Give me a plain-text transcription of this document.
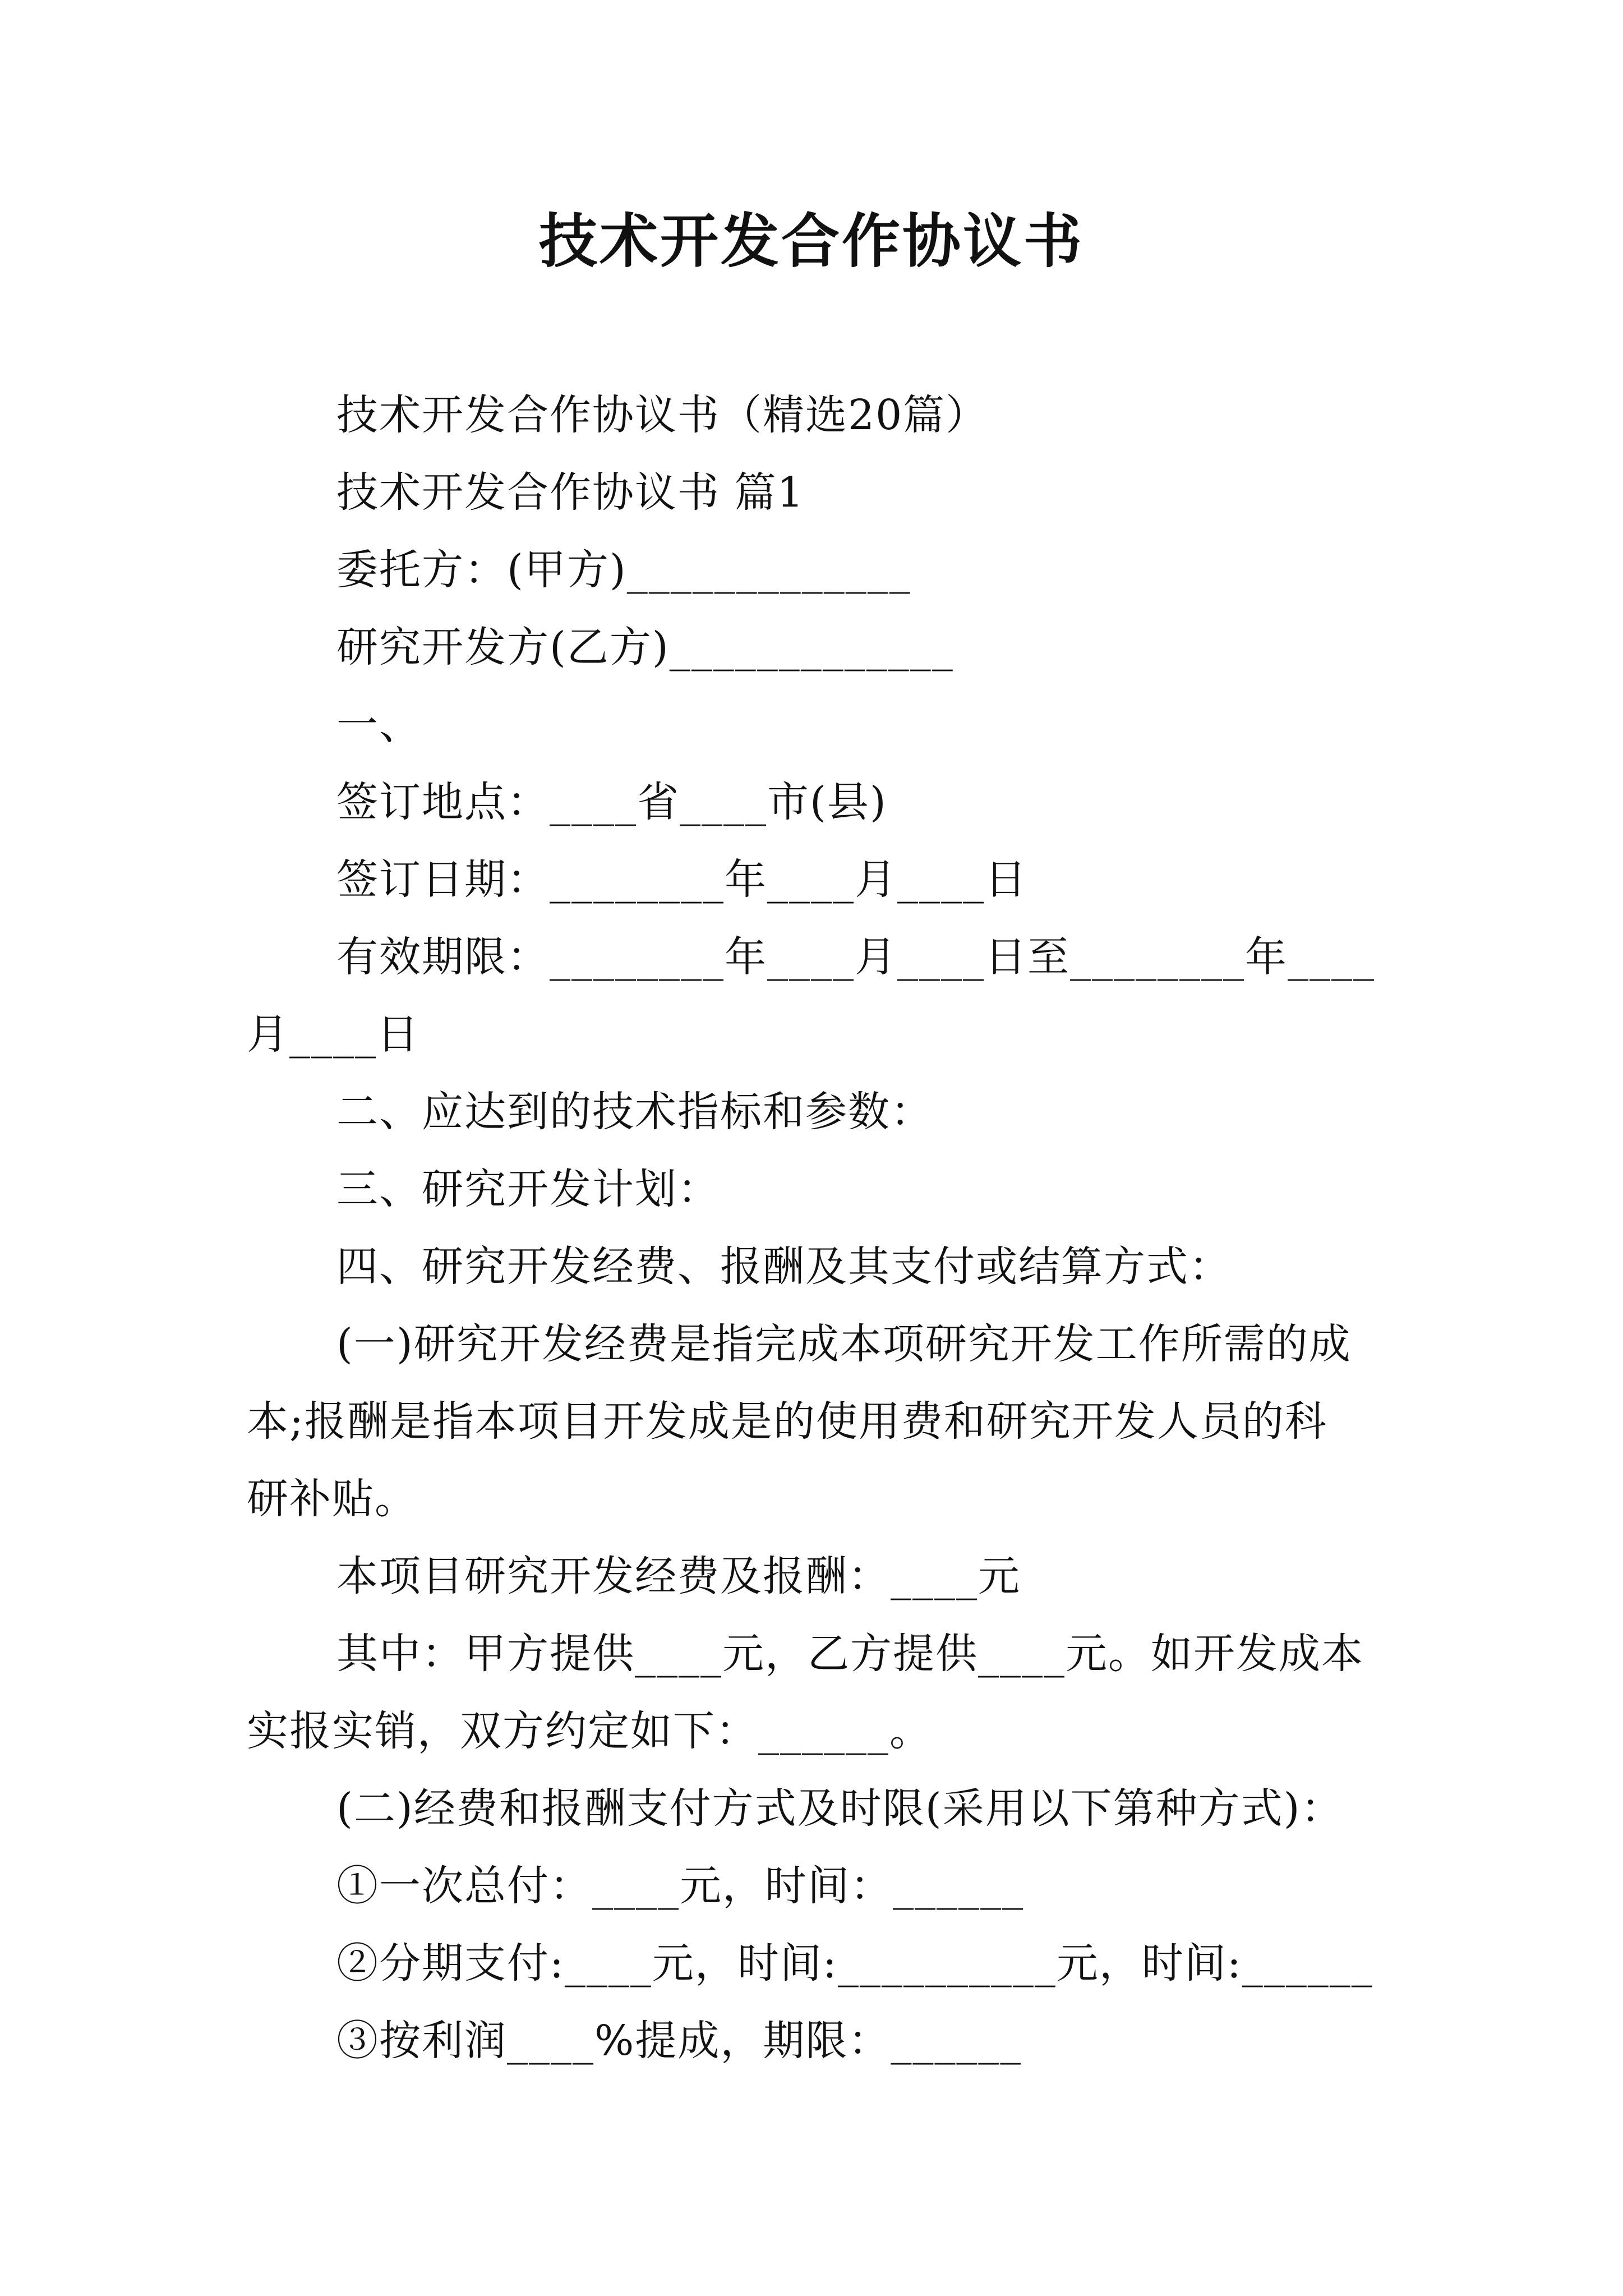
技术开发合作协议书
技术开发合作协议书（精选20篇）
技术开发合作协议书 篇1
委托方：(甲方)_____________
研究开发方(乙方)_____________
一、
签订地点：____省____市(县)
签订日期：________年____月____日
有效期限：________年____月____日至________年____
月____日
二、应达到的技术指标和参数：
三、研究开发计划：
四、研究开发经费、报酬及其支付或结算方式：
(一)研究开发经费是指完成本项研究开发工作所需的成
本;报酬是指本项目开发成是的使用费和研究开发人员的科
研补贴。
本项目研究开发经费及报酬：____元
其中：甲方提供____元，乙方提供____元。如开发成本
实报实销，双方约定如下：______。
(二)经费和报酬支付方式及时限(采用以下第种方式)：
①一次总付：____元，时间：______
②分期支付:____元，时间:__________元，时间:______
③按利润____%提成，期限：______
